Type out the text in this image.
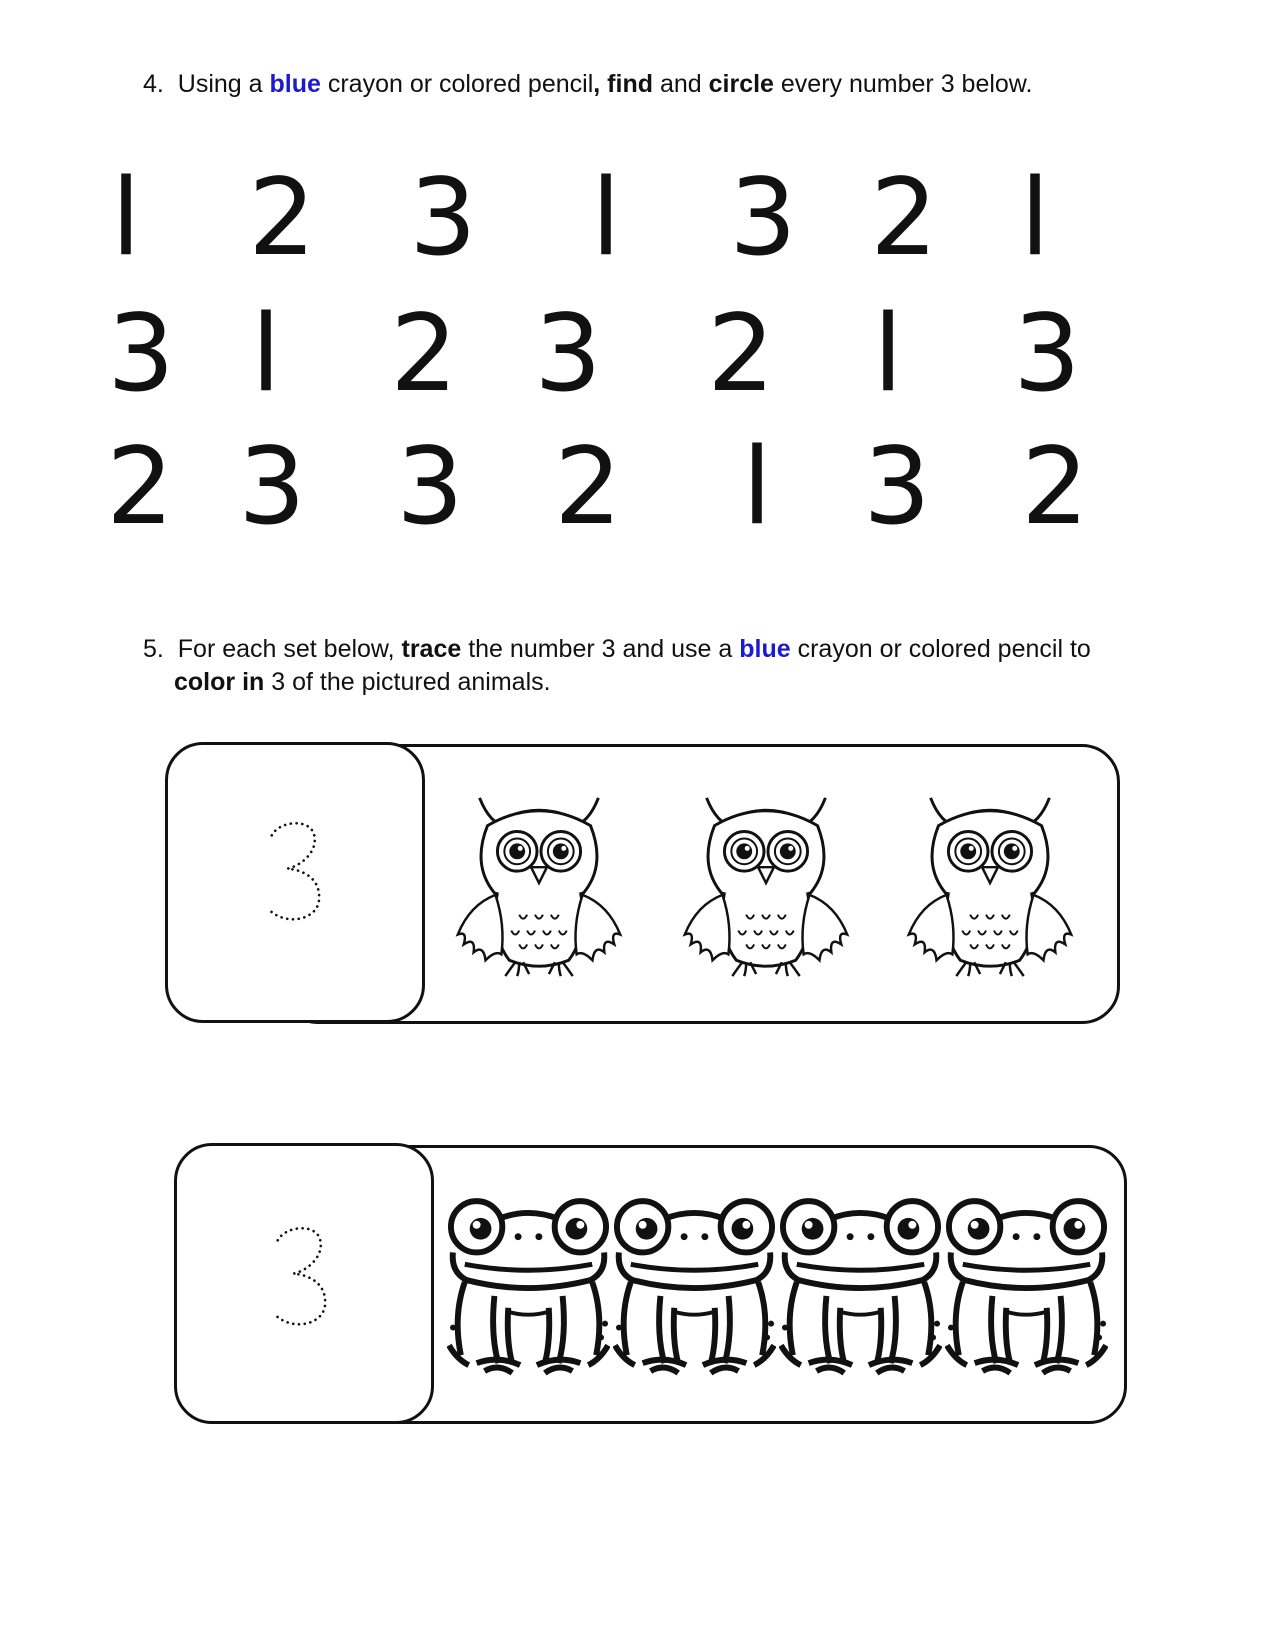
4. Using a blue crayon or colored pencil, find and circle every number 3 below.
l 2 3 l 3 2 l
3 l 2 3 2 l 3
2 3 3 2 l 3 2
5. For each set below, trace the number 3 and use a blue crayon or colored pencil to
color in 3 of the pictured animals.
